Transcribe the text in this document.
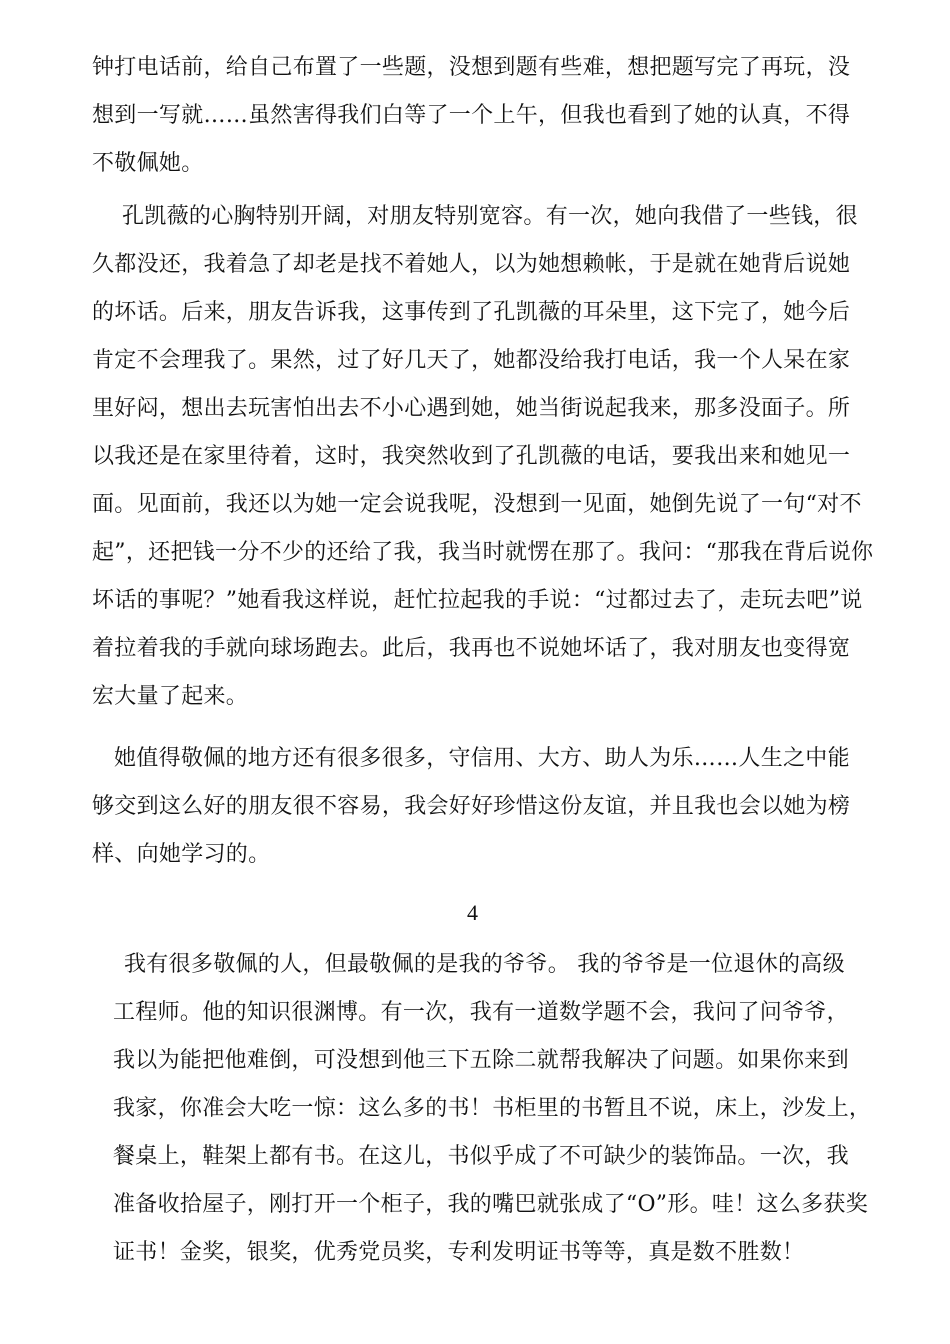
钟打电话前，给自己布置了一些题，没想到题有些难，想把题写完了再玩，没
想到一写就……虽然害得我们白等了一个上午，但我也看到了她的认真，不得
不敬佩她。
孔凯薇的心胸特别开阔，对朋友特别宽容。有一次，她向我借了一些钱，很
久都没还，我着急了却老是找不着她人，以为她想赖帐，于是就在她背后说她
的坏话。后来，朋友告诉我，这事传到了孔凯薇的耳朵里，这下完了，她今后
肯定不会理我了。果然，过了好几天了，她都没给我打电话，我一个人呆在家
里好闷，想出去玩害怕出去不小心遇到她，她当街说起我来，那多没面子。所
以我还是在家里待着，这时，我突然收到了孔凯薇的电话，要我出来和她见一
面。见面前，我还以为她一定会说我呢，没想到一见面，她倒先说了一句“对不
起”，还把钱一分不少的还给了我，我当时就愣在那了。我问：“那我在背后说你
坏话的事呢？”她看我这样说，赶忙拉起我的手说：“过都过去了，走玩去吧”说
着拉着我的手就向球场跑去。此后，我再也不说她坏话了，我对朋友也变得宽
宏大量了起来。
她值得敬佩的地方还有很多很多，守信用、大方、助人为乐……人生之中能
够交到这么好的朋友很不容易，我会好好珍惜这份友谊，并且我也会以她为榜
样、向她学习的。
4
我有很多敬佩的人，但最敬佩的是我的爷爷。 我的爷爷是一位退休的高级
工程师。他的知识很渊博。有一次，我有一道数学题不会，我问了问爷爷，
我以为能把他难倒，可没想到他三下五除二就帮我解决了问题。如果你来到
我家，你准会大吃一惊：这么多的书！书柜里的书暂且不说，床上，沙发上，
餐桌上，鞋架上都有书。在这儿，书似乎成了不可缺少的装饰品。一次，我
准备收拾屋子，刚打开一个柜子，我的嘴巴就张成了“O”形。哇！这么多获奖
证书！金奖，银奖，优秀党员奖，专利发明证书等等，真是数不胜数！
